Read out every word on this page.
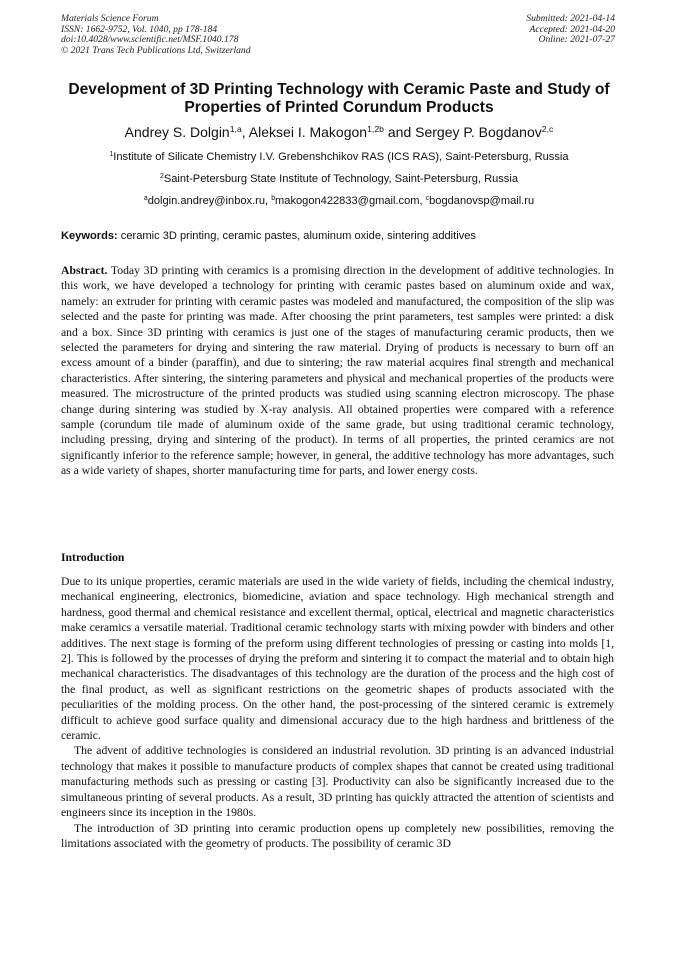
Materials Science Forum
ISSN: 1662-9752, Vol. 1040, pp 178-184
doi:10.4028/www.scientific.net/MSF.1040.178
© 2021 Trans Tech Publications Ltd, Switzerland
Submitted: 2021-04-14
Accepted: 2021-04-20
Online: 2021-07-27
Development of 3D Printing Technology with Ceramic Paste and Study of Properties of Printed Corundum Products
Andrey S. Dolgin$^{1,a}$, Aleksei I. Makogon$^{1,2b}$ and Sergey P. Bogdanov$^{2,c}$
$^1$Institute of Silicate Chemistry I.V. Grebenshchikov RAS (ICS RAS), Saint-Petersburg, Russia
$^2$Saint-Petersburg State Institute of Technology, Saint-Petersburg, Russia
$^a$dolgin.andrey@inbox.ru, $^b$makogon422833@gmail.com, $^c$bogdanovsp@mail.ru
Keywords: ceramic 3D printing, ceramic pastes, aluminum oxide, sintering additives

Abstract. Today 3D printing with ceramics is a promising direction in the development of additive technologies. In this work, we have developed a technology for printing with ceramic pastes based on aluminum oxide and wax, namely: an extruder for printing with ceramic pastes was modeled and manufactured, the composition of the slip was selected and the paste for printing was made. After choosing the print parameters, test samples were printed: a disk and a box. Since 3D printing with ceramics is just one of the stages of manufacturing ceramic products, then we selected the parameters for drying and sintering the raw material. Drying of products is necessary to burn off an excess amount of a binder (paraffin), and due to sintering; the raw material acquires final strength and mechanical characteristics. After sintering, the sintering parameters and physical and mechanical properties of the products were measured. The microstructure of the printed products was studied using scanning electron microscopy. The phase change during sintering was studied by X-ray analysis. All obtained properties were compared with a reference sample (corundum tile made of aluminum oxide of the same grade, but using traditional ceramic technology, including pressing, drying and sintering of the product). In terms of all properties, the printed ceramics are not significantly inferior to the reference sample; however, in general, the additive technology has more advantages, such as a wide variety of shapes, shorter manufacturing time for parts, and lower energy costs.

Introduction

Due to its unique properties, ceramic materials are used in the wide variety of fields, including the chemical industry, mechanical engineering, electronics, biomedicine, aviation and space technology. High mechanical strength and hardness, good thermal and chemical resistance and excellent thermal, optical, electrical and magnetic characteristics make ceramics a versatile material. Traditional ceramic technology starts with mixing powder with binders and other additives. The next stage is forming of the preform using different technologies of pressing or casting into molds [1, 2]. This is followed by the processes of drying the preform and sintering it to compact the material and to obtain high mechanical characteristics. The disadvantages of this technology are the duration of the process and the high cost of the final product, as well as significant restrictions on the geometric shapes of products associated with the peculiarities of the molding process. On the other hand, the post-processing of the sintered ceramic is extremely difficult to achieve good surface quality and dimensional accuracy due to the high hardness and brittleness of the ceramic.

The advent of additive technologies is considered an industrial revolution. 3D printing is an advanced industrial technology that makes it possible to manufacture products of complex shapes that cannot be created using traditional manufacturing methods such as pressing or casting [3]. Productivity can also be significantly increased due to the simultaneous printing of several products. As a result, 3D printing has quickly attracted the attention of scientists and engineers since its inception in the 1980s.

The introduction of 3D printing into ceramic production opens up completely new possibilities, removing the limitations associated with the geometry of products. The possibility of ceramic 3D
